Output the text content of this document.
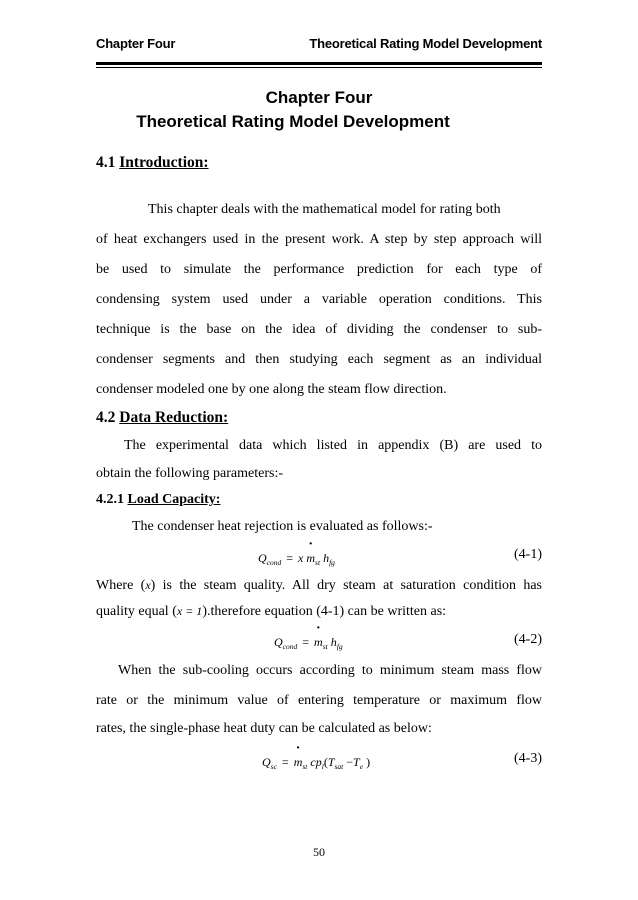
Chapter Four	Theoretical Rating Model Development
Chapter Four
Theoretical Rating Model Development
4.1 Introduction:
This chapter deals with the mathematical model for rating both
of heat exchangers used in the present work. A step by step approach will
be used to simulate the performance prediction for each type of
condensing system used under a variable operation conditions. This
technique is the base on the idea of dividing the condenser to sub-
condenser segments and then studying each segment as an individual
condenser modeled one by one along the steam flow direction.
4.2 Data Reduction:
The experimental data which listed in appendix (B) are used to
obtain the following parameters:-
4.2.1 Load Capacity:
The condenser heat rejection is evaluated as follows:-
$Q_{cond} = x$
·
$m_{st}$ $h_{fg}$
(4-1)
Where (x) is the steam quality. All dry steam at saturation condition has
quality equal (x = 1).therefore equation (4-1) can be written as:
$Q_{cond}$ =
·
$m_{st}$ $h_{fg}$	(4-2)
When the sub-cooling occurs according to minimum steam mass flow
rate or the minimum value of entering temperature or maximum flow
rates, the single-phase heat duty can be calculated as below:
$Q_{sc}$ =
·
$m_{st}$ $cp_l(T_{sat} -T_e$ )	(4-3)
50
